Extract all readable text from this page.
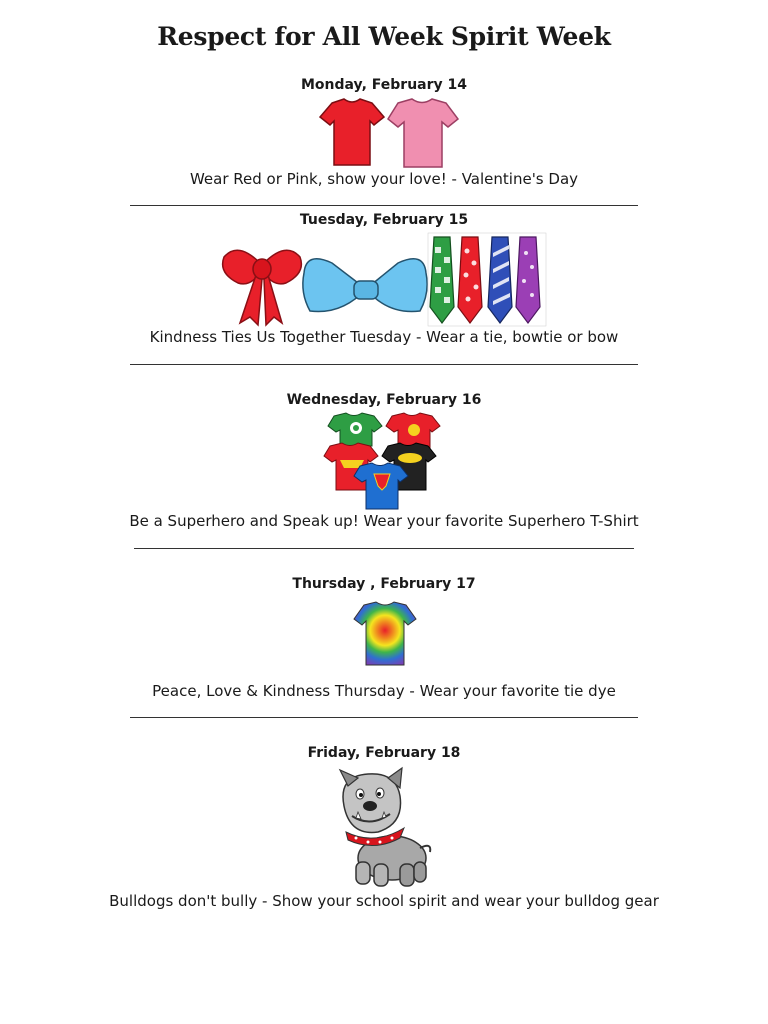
Respect for All Week Spirit Week
Monday, February 14
Wear Red or Pink, show your love! - Valentine's Day
Tuesday, February 15
Kindness Ties Us Together Tuesday - Wear a tie, bowtie or bow
Wednesday, February 16
Be a Superhero and Speak up! Wear your favorite Superhero T-Shirt
Thursday , February 17
Peace, Love & Kindness Thursday - Wear your favorite tie dye
Friday, February 18
Bulldogs don't bully - Show your school spirit and wear your bulldog gear
